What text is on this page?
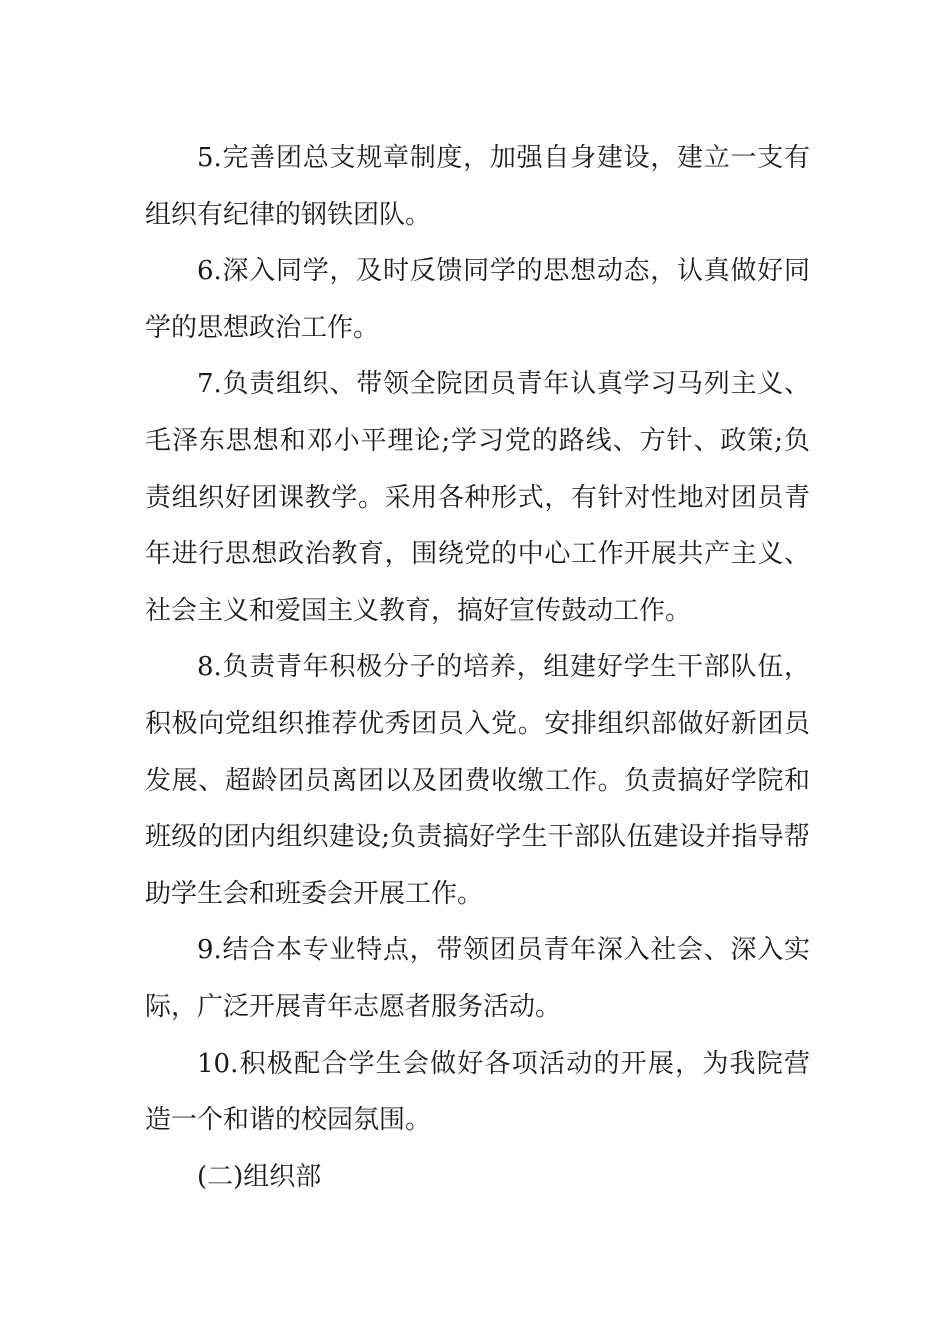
5.完善团总支规章制度，加强自身建设，建立一支有组织有纪律的钢铁团队。

6.深入同学，及时反馈同学的思想动态，认真做好同学的思想政治工作。

7.负责组织、带领全院团员青年认真学习马列主义、毛泽东思想和邓小平理论;学习党的路线、方针、政策;负责组织好团课教学。采用各种形式，有针对性地对团员青年进行思想政治教育，围绕党的中心工作开展共产主义、社会主义和爱国主义教育，搞好宣传鼓动工作。

8.负责青年积极分子的培养，组建好学生干部队伍，积极向党组织推荐优秀团员入党。安排组织部做好新团员发展、超龄团员离团以及团费收缴工作。负责搞好学院和班级的团内组织建设;负责搞好学生干部队伍建设并指导帮助学生会和班委会开展工作。

9.结合本专业特点，带领团员青年深入社会、深入实际，广泛开展青年志愿者服务活动。

10.积极配合学生会做好各项活动的开展，为我院营造一个和谐的校园氛围。

(二)组织部
